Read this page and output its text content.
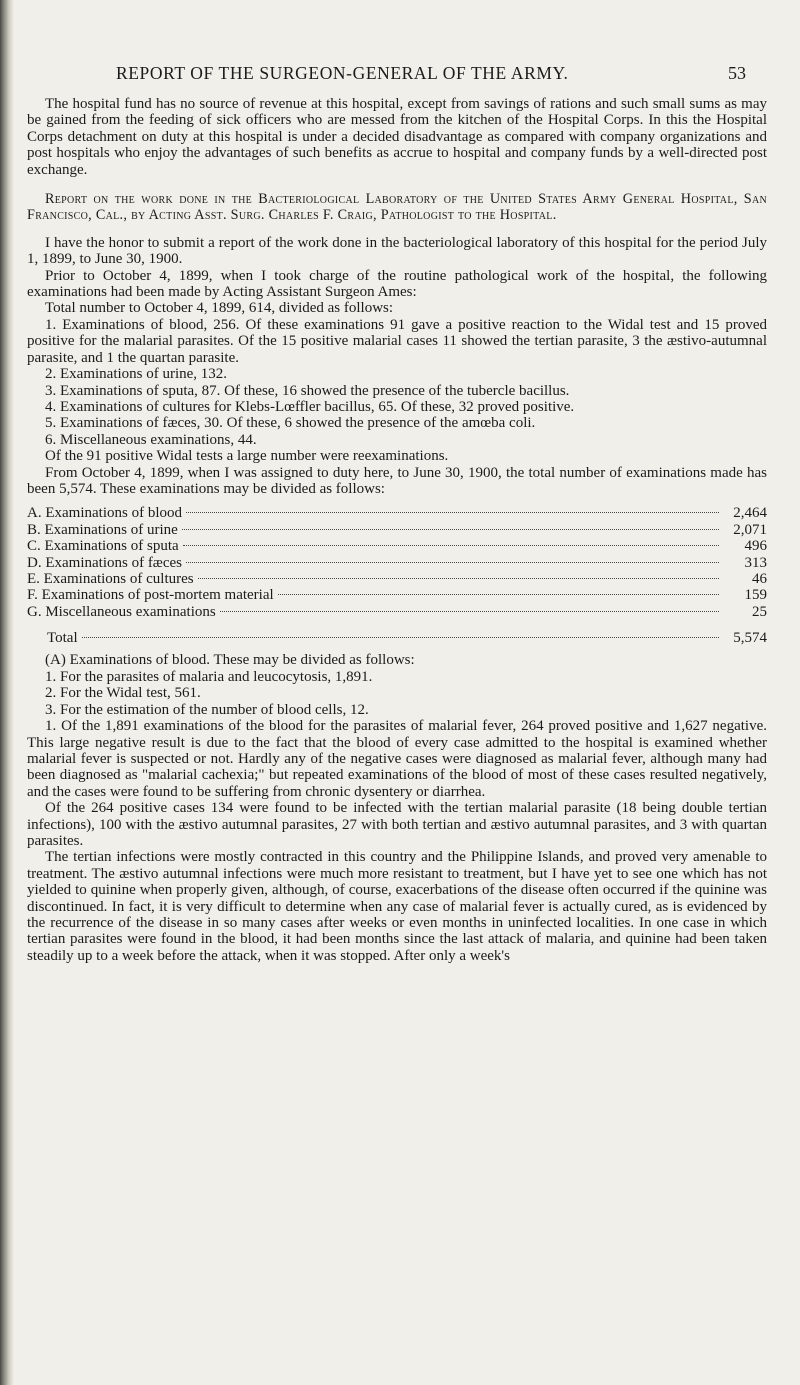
REPORT OF THE SURGEON-GENERAL OF THE ARMY.	53

The hospital fund has no source of revenue at this hospital, except from savings of rations and such small sums as may be gained from the feeding of sick officers who are messed from the kitchen of the Hospital Corps. In this the Hospital Corps detachment on duty at this hospital is under a decided disadvantage as compared with company organizations and post hospitals who enjoy the advantages of such benefits as accrue to hospital and company funds by a well-directed post exchange.

Report on the work done in the Bacteriological Laboratory of the United States Army General Hospital, San Francisco, Cal., by Acting Asst. Surg. Charles F. Craig, Pathologist to the Hospital.

I have the honor to submit a report of the work done in the bacteriological laboratory of this hospital for the period July 1, 1899, to June 30, 1900.

Prior to October 4, 1899, when I took charge of the routine pathological work of the hospital, the following examinations had been made by Acting Assistant Surgeon Ames:

Total number to October 4, 1899, 614, divided as follows:

1. Examinations of blood, 256. Of these examinations 91 gave a positive reaction to the Widal test and 15 proved positive for the malarial parasites. Of the 15 positive malarial cases 11 showed the tertian parasite, 3 the æstivo-autumnal parasite, and 1 the quartan parasite.

2. Examinations of urine, 132.

3. Examinations of sputa, 87. Of these, 16 showed the presence of the tubercle bacillus.

4. Examinations of cultures for Klebs-Lœffler bacillus, 65. Of these, 32 proved positive.

5. Examinations of fæces, 30. Of these, 6 showed the presence of the amœba coli.

6. Miscellaneous examinations, 44.

Of the 91 positive Widal tests a large number were reexaminations.

From October 4, 1899, when I was assigned to duty here, to June 30, 1900, the total number of examinations made has been 5,574. These examinations may be divided as follows:

A. Examinations of blood	2,464
B. Examinations of urine	2,071
C. Examinations of sputa	496
D. Examinations of fæces	313
E. Examinations of cultures	46
F. Examinations of post-mortem material	159
G. Miscellaneous examinations	25
Total	5,574

(A) Examinations of blood. These may be divided as follows:

1. For the parasites of malaria and leucocytosis, 1,891.

2. For the Widal test, 561.

3. For the estimation of the number of blood cells, 12.

1. Of the 1,891 examinations of the blood for the parasites of malarial fever, 264 proved positive and 1,627 negative. This large negative result is due to the fact that the blood of every case admitted to the hospital is examined whether malarial fever is suspected or not. Hardly any of the negative cases were diagnosed as malarial fever, although many had been diagnosed as "malarial cachexia;" but repeated examinations of the blood of most of these cases resulted negatively, and the cases were found to be suffering from chronic dysentery or diarrhea.

Of the 264 positive cases 134 were found to be infected with the tertian malarial parasite (18 being double tertian infections), 100 with the æstivo autumnal parasites, 27 with both tertian and æstivo autumnal parasites, and 3 with quartan parasites.

The tertian infections were mostly contracted in this country and the Philippine Islands, and proved very amenable to treatment. The æstivo autumnal infections were much more resistant to treatment, but I have yet to see one which has not yielded to quinine when properly given, although, of course, exacerbations of the disease often occurred if the quinine was discontinued. In fact, it is very difficult to determine when any case of malarial fever is actually cured, as is evidenced by the recurrence of the disease in so many cases after weeks or even months in uninfected localities. In one case in which tertian parasites were found in the blood, it had been months since the last attack of malaria, and quinine had been taken steadily up to a week before the attack, when it was stopped. After only a week's
